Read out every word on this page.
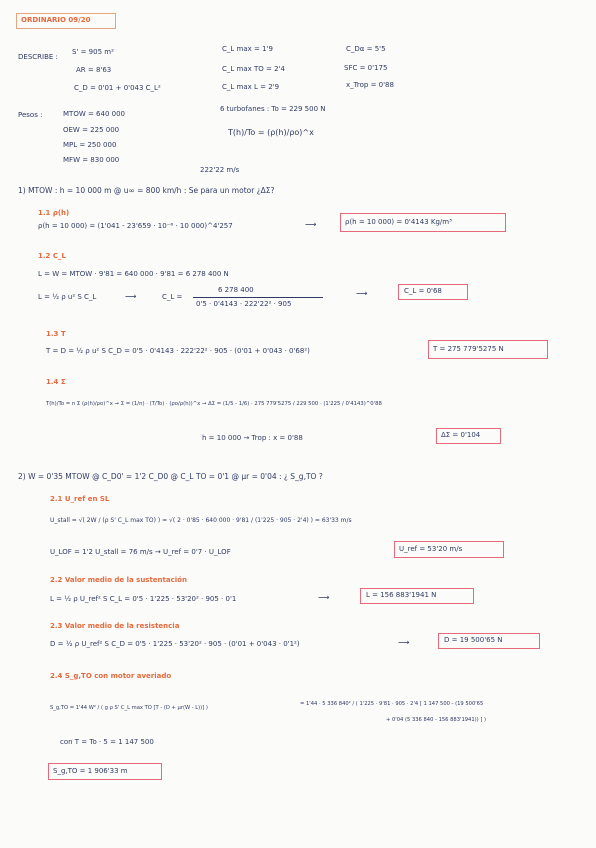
ORDINARIO 09/20
DESCRIBE :
S' = 905 m²
AR = 8'63
C_D = 0'01 + 0'043 C_L²
C_L max = 1'9
C_L max TO = 2'4
C_L max L = 2'9
C_Dα = 5'5
SFC = 0'175
x_Trop = 0'88
Pesos :	MTOW = 640 000
OEW = 225 000
MPL = 250 000
MFW = 830 000
6 turbofanes : To = 229 500 N
T(h)/To = (ρ(h)/ρo)^x
222'22 m/s
1) MTOW : h = 10 000 m @ u∞ = 800 km/h : Se para un motor ¿ΔΣ?
1.1 ρ(h)
ρ(h = 10 000) = (1'041 - 23'659 · 10⁻⁶ · 10 000)^4'257	⟶	ρ(h = 10 000) = 0'4143 Kg/m³
1.2 C_L
L = W = MTOW · 9'81 = 640 000 · 9'81 = 6 278 400 N
L = ½ ρ u² S C_L	⟶	C_L =
6 278 400
0'5 · 0'4143 · 222'22² · 905
⟶	C_L = 0'68
1.3 T
T = D = ½ ρ u² S C_D = 0'5 · 0'4143 · 222'22² · 905 · (0'01 + 0'043 · 0'68²)	T = 275 779'5275 N
1.4 Σ
T(h)/To = n Σ (ρ(h)/ρo)^x → Σ = (1/n) · (T/To) · (ρo/ρ(h))^x → ΔΣ = (1/5 - 1/6) · 275 779'5275 / 229 500 · (1'225 / 0'4143)^0'88
h = 10 000 → Trop : x = 0'88	ΔΣ = 0'104
2) W = 0'35 MTOW @ C_D0' = 1'2 C_D0 @ C_L TO = 0'1 @ μr = 0'04 : ¿ S_g,TO ?
2.1 U_ref en SL
U_stall = √( 2W / (ρ S' C_L max TO) ) = √( 2 · 0'85 · 640 000 · 9'81 / (1'225 · 905 · 2'4) ) = 63'33 m/s
U_LOF = 1'2 U_stall = 76 m/s → U_ref = 0'7 · U_LOF	U_ref = 53'20 m/s
2.2 Valor medio de la sustentación
L = ½ ρ U_ref² S C_L = 0'5 · 1'225 · 53'20² · 905 · 0'1	⟶	L = 156 883'1941 N
2.3 Valor medio de la resistencia
D = ½ ρ U_ref² S C_D = 0'5 · 1'225 · 53'20² · 905 · (0'01 + 0'043 · 0'1²)	⟶	D = 19 500'65 N
2.4 S_g,TO con motor averiado
S_g,TO = 1'44 W² / ( g ρ S' C_L max TO [T - (D + μr(W - L))] )
= 1'44 · 5 336 840² / ( 1'225 · 9'81 · 905 · 2'4 [ 1 147 500 - (19 500'65
+ 0'04 (5 336 840 - 156 883'1941)) ] )
con T = To · 5 = 1 147 500
S_g,TO = 1 906'33 m
